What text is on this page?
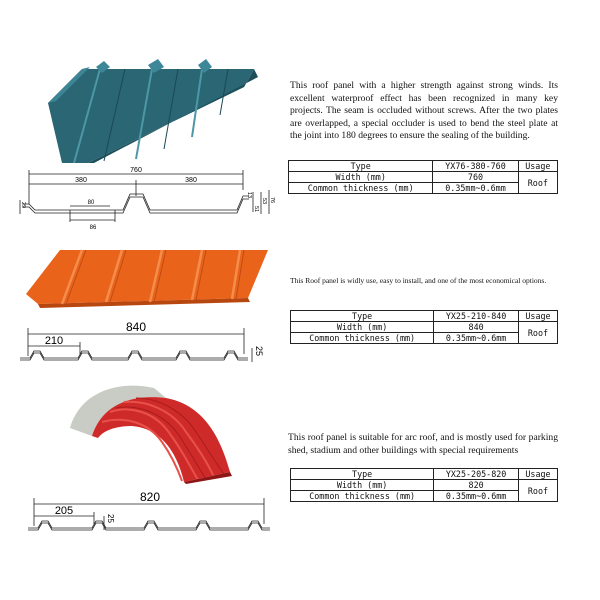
This roof panel with a higher strength against strong winds. Its excellent waterproof effect has been recognized in many key projects. The seam is occluded without screws. After the two plates are overlapped, a special occluder is used to bend the steel plate at the joint into 180 degrees to ensure the sealing of the building.
Type	YX76-380-760	Usage
Width (mm)	760	Roof
Common thickness (mm)	0.35mm~0.6mm	
760
380	380
80
86
13
51
53 76
29
This Roof panel is widly use, easy to install, and one of the most economical options.
Type	YX25-210-840	Usage
Width (mm)	840	Roof
Common thickness (mm)	0.35mm~0.6mm	
840
210
25
This roof panel is suitable for arc roof, and is mostly used for parking shed, stadium and other buildings with special requirements
Type	YX25-205-820	Usage
Width (mm)	820	Roof
Common thickness (mm)	0.35mm~0.6mm	
820
205
25
